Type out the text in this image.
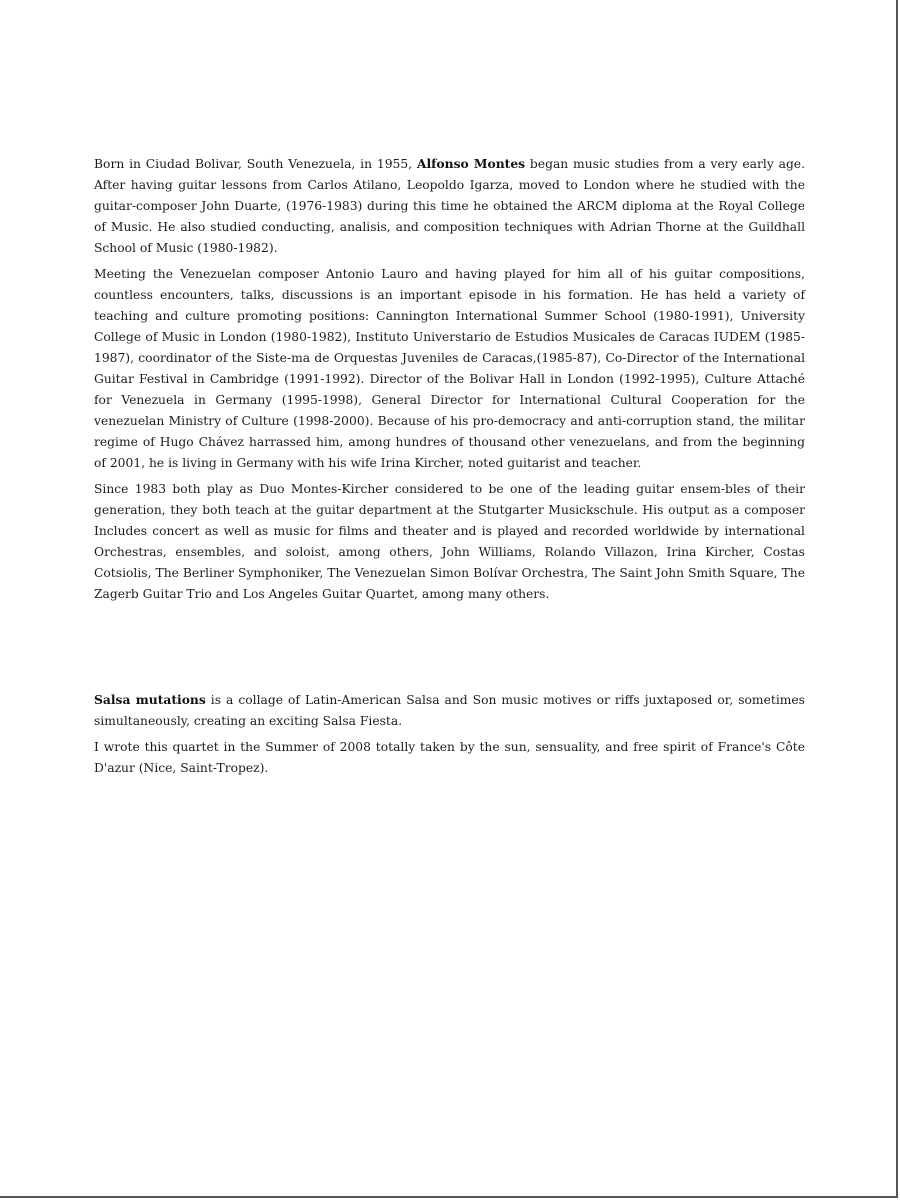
Born in Ciudad Bolivar, South Venezuela, in 1955, Alfonso Montes began music studies from a very early age. After having guitar lessons from Carlos Atilano, Leopoldo Igarza, moved to London where he studied with the guitar-composer John Duarte, (1976-1983) during this time he obtained the ARCM diploma at the Royal College of Music. He also studied conducting, analisis, and composition techniques with Adrian Thorne at the Guildhall School of Music (1980-1982).

Meeting the Venezuelan composer Antonio Lauro and having played for him all of his guitar compositions, countless encounters, talks, discussions is an important episode in his formation. He has held a variety of teaching and culture promoting positions: Cannington International Summer School (1980-1991), University College of Music in London (1980-1982), Instituto Universtario de Estudios Musicales de Caracas IUDEM (1985-1987), coordinator of the Siste-ma de Orquestas Juveniles de Caracas,(1985-87), Co-Director of the International Guitar Festival in Cambridge (1991-1992). Director of the Bolivar Hall in London (1992-1995), Culture Attaché for Venezuela in Germany (1995-1998), General Director for International Cultural Cooperation for the venezuelan Ministry of Culture (1998-2000). Because of his pro-democracy and anti-corruption stand, the militar regime of Hugo Chávez harrassed him, among hundres of thousand other venezuelans, and from the beginning of 2001, he is living in Germany with his wife Irina Kircher, noted guitarist and teacher.

Since 1983 both play as Duo Montes-Kircher considered to be one of the leading guitar ensem-bles of their generation, they both teach at the guitar department at the Stutgarter Musickschule. His output as a composer Includes concert as well as music for films and theater and is played and recorded worldwide by international Orchestras, ensembles, and soloist, among others, John Williams, Rolando Villazon, Irina Kircher, Costas Cotsiolis, The Berliner Symphoniker, The Venezuelan Simon Bolívar Orchestra, The Saint John Smith Square, The Zagerb Guitar Trio and Los Angeles Guitar Quartet, among many others.

Salsa mutations is a collage of Latin-American Salsa and Son music motives or riffs juxtaposed or, sometimes simultaneously, creating an exciting Salsa Fiesta.

I wrote this quartet in the Summer of 2008 totally taken by the sun, sensuality, and free spirit of France's Côte D'azur (Nice, Saint-Tropez).
